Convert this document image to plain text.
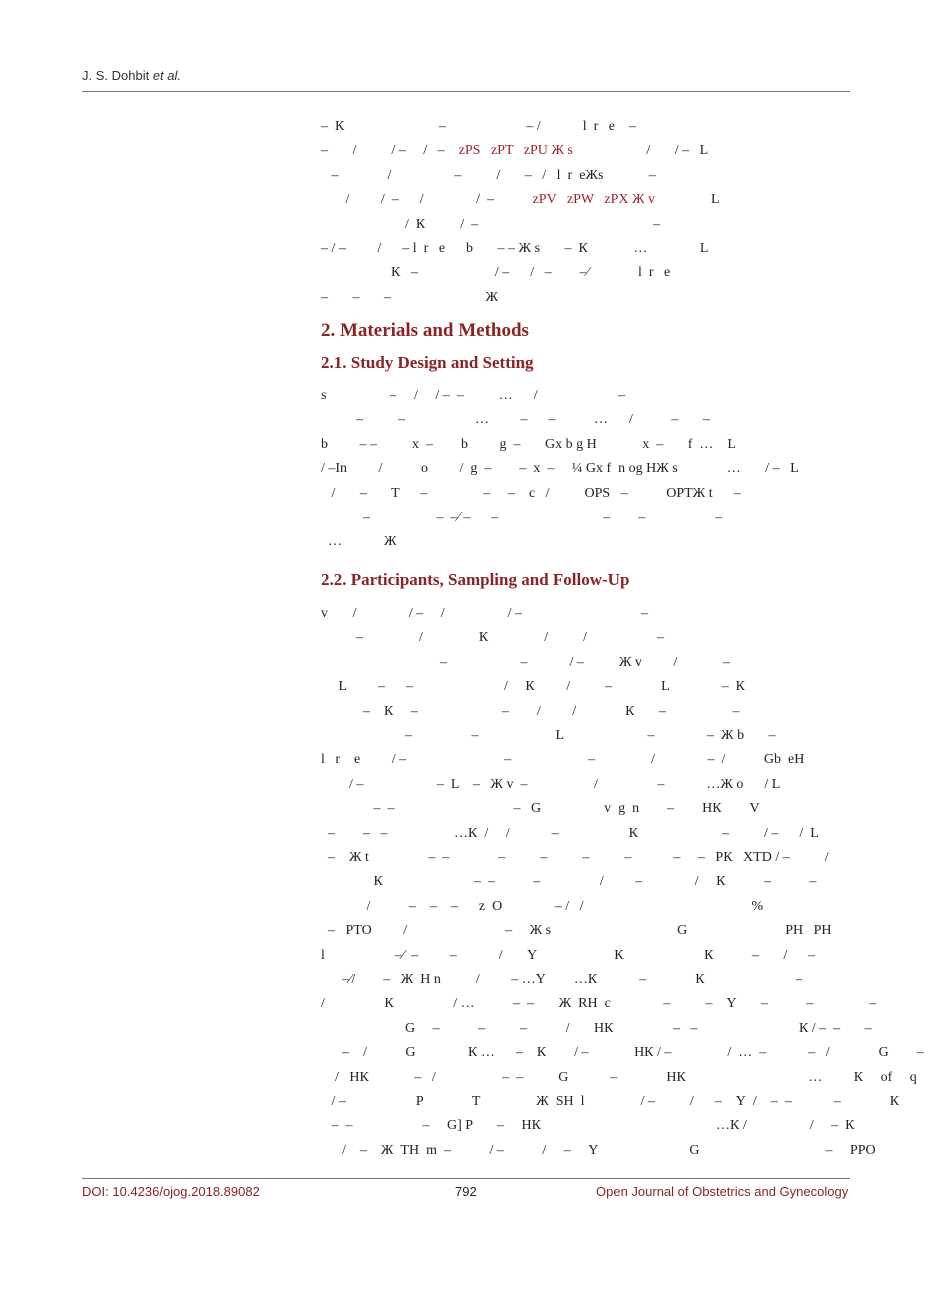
J. S. Dohbit et al.
–  К                           –                       – /            l  r   e    –
–       /          / –     /   –    zPS zPT zPU Ж s                     /       / –   L
–              /                  –          /       –   /   l  r  eЖs             –
/         /  –      /               /  –           zPV zPW zPX Ж v                L
/  К          /  –                                                  –
– / –         /      – l  r   e      b       – – Ж s       –  К             …               L
К   –                      / –      /   –        –⁄              l  r   e
–       –       –                           Ж
2. Materials and Methods
2.1. Study Design and Setting
s                  –     /     / –  –          …      /                       –
–          –                    …         –      –           …      /           –       –
b         – –          x  –        b         g  –       Gx b g Н             x  –       f  …    L
/ –In         /           o         /  g  –        –  x  –     ¼ Gx f  n og НЖ s              …       / –   L
/       –       T      –                –     –    c   /          OPS   –           OPTЖ t      –
–                   –  –⁄ –      –                              –        –                    –
…            Ж
2.2. Participants, Sampling and Follow-Up
v       /               / –     /                  / –                                  –
–                /                К                /          /                    –
–                     –            / –          Ж v         /             –
L         –      –                          /     К         /          –              L               –  К
–    К     –                        –        /         /              К       –                   –
–                 –                      L                        –               –  Ж b       –
l   r    e         / –                            –                      –                /               –  /           Gb  eН
/ –                     –  L    –   Ж v  –                   /                 –            …Ж o      / L
–  –                                  –   G                  v  g  n        –        НК        V
–        –   –                   …К  /     /            –                    К                        –          / –      /  L
–    Ж t                 –  –              –          –          –          –            –     –   PК   XTD / –          /
К                          –  –           –                 /         –               /     К           –           –
/           –    –    –      z  O               – /   /                                                %
–   PTO         /                            –     Ж s                                    G                            PН   PН
l                    –⁄  –         –            /       Ү                      К                       К           –       /      –
–⁄/        –   Ж  Н n          /         – …Ү        …К            –              К                          –
/                 К                 / …           –  –       Ж  RН  c               –          –    Ү       –           –                –
G     –           –          –           /       НК                 –   –                             К / –  –       –
–    /           G               К …      –    К        / –             НК / –                /  …  –            –   /              G        –
/   НК             –   /                   –  –          G            –              НК                                   …         К     of     q
/ –                    P              T                Ж  SН  l                / –          /      –    Ү  /    –  –            –              К
–  –                    –     G] P       –     НК                                                  …К /                  /     –  К
/    –    Ж  TН  m  –           / –           /     –     Ү                          G                                    –     PPO
DOI: 10.4236/ojog.2018.89082	792	Open Journal of Obstetrics and Gynecology
